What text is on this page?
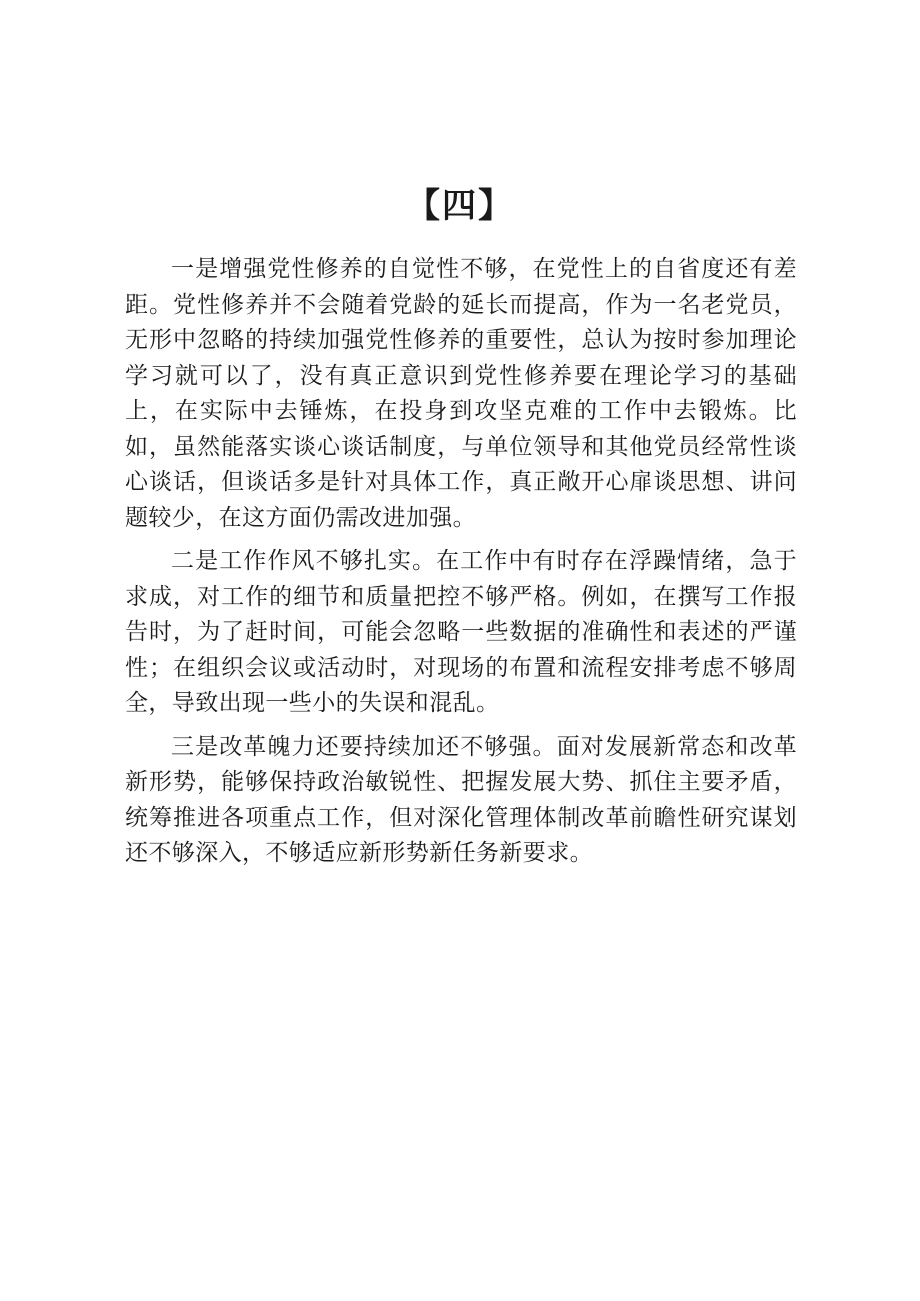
【四】

一是增强党性修养的自觉性不够，在党性上的自省度还有差距。党性修养并不会随着党龄的延长而提高，作为一名老党员，无形中忽略的持续加强党性修养的重要性，总认为按时参加理论学习就可以了，没有真正意识到党性修养要在理论学习的基础上，在实际中去锤炼，在投身到攻坚克难的工作中去锻炼。比如，虽然能落实谈心谈话制度，与单位领导和其他党员经常性谈心谈话，但谈话多是针对具体工作，真正敞开心扉谈思想、讲问题较少，在这方面仍需改进加强。

二是工作作风不够扎实。在工作中有时存在浮躁情绪，急于求成，对工作的细节和质量把控不够严格。例如，在撰写工作报告时，为了赶时间，可能会忽略一些数据的准确性和表述的严谨性；在组织会议或活动时，对现场的布置和流程安排考虑不够周全，导致出现一些小的失误和混乱。

三是改革魄力还要持续加还不够强。面对发展新常态和改革新形势，能够保持政治敏锐性、把握发展大势、抓住主要矛盾，统筹推进各项重点工作，但对深化管理体制改革前瞻性研究谋划还不够深入，不够适应新形势新任务新要求。
